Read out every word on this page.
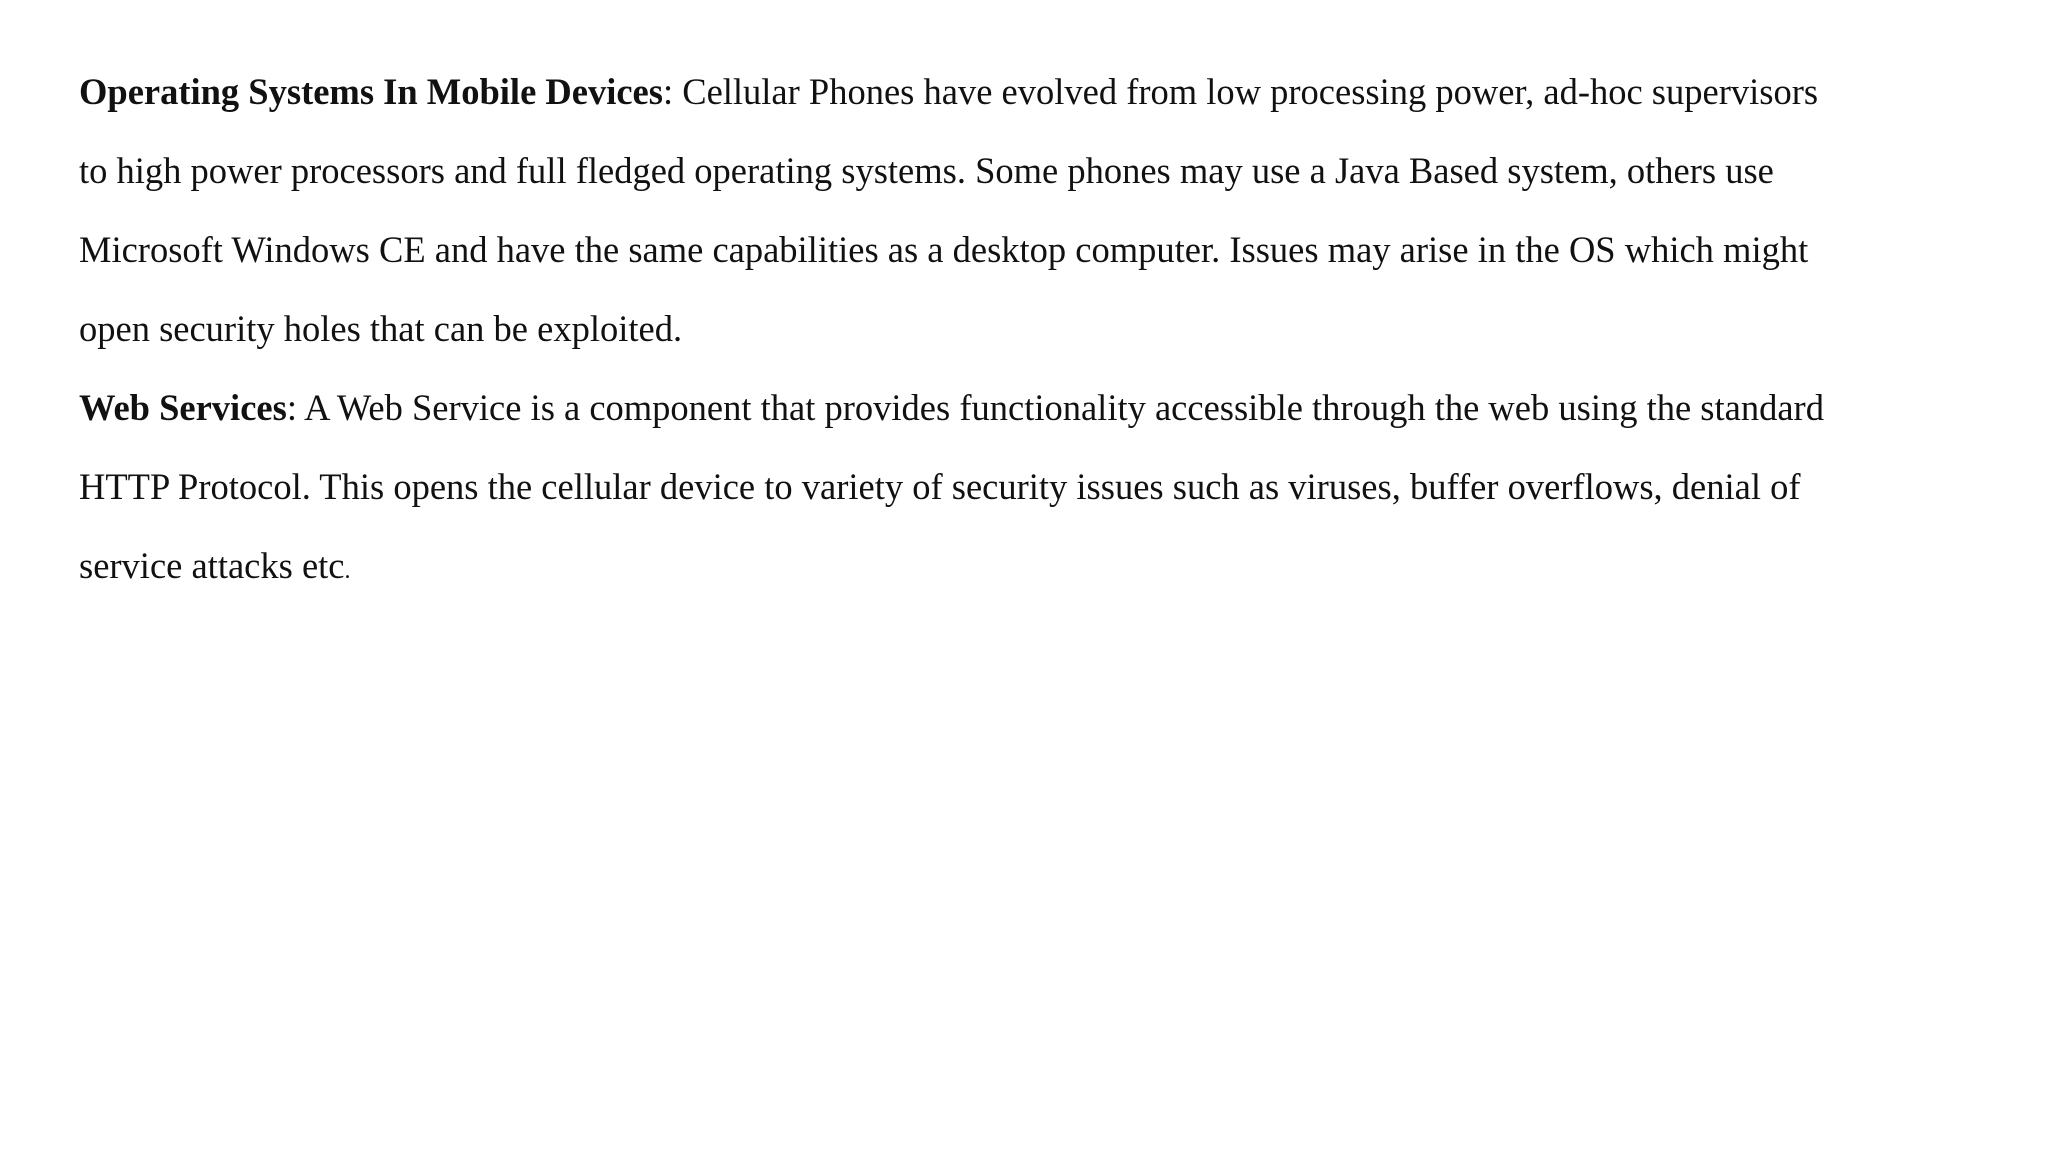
Operating Systems In Mobile Devices: Cellular Phones have evolved from low processing power, ad-hoc supervisors
to high power processors and full fledged operating systems. Some phones may use a Java Based system, others use
Microsoft Windows CE and have the same capabilities as a desktop computer. Issues may arise in the OS which might
open security holes that can be exploited.

Web Services: A Web Service is a component that provides functionality accessible through the web using the standard
HTTP Protocol. This opens the cellular device to variety of security issues such as viruses, buffer overflows, denial of
service attacks etc.
